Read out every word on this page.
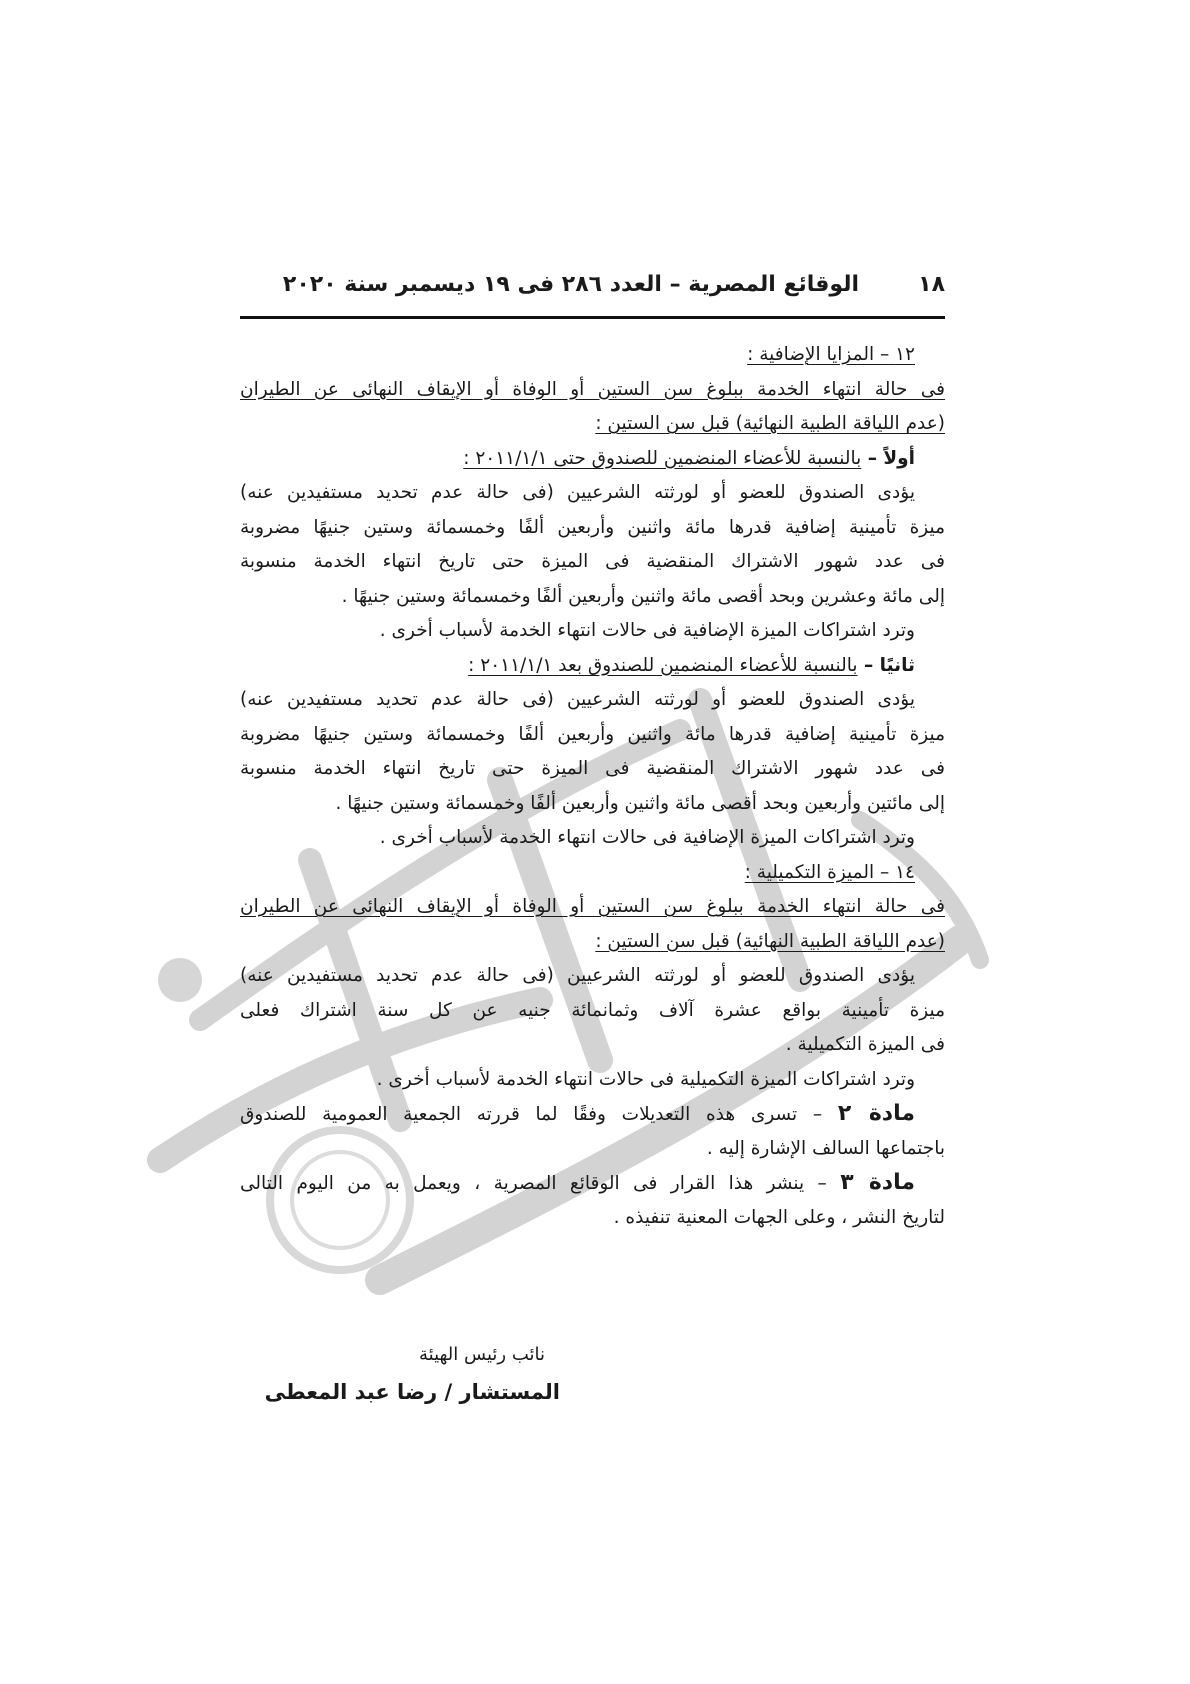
١٨
الوقائع المصرية – العدد ٢٨٦ فى ١٩ ديسمبر سنة ٢٠٢٠
١٢ – المزايا الإضافية :
فى حالة انتهاء الخدمة ببلوغ سن الستين أو الوفاة أو الإيقاف النهائى عن الطيران
(عدم اللياقة الطبية النهائية) قبل سن الستين :
أولاً – بالنسبة للأعضاء المنضمين للصندوق حتى ٢٠١١/١/١ :
يؤدى الصندوق للعضو أو لورثته الشرعيين (فى حالة عدم تحديد مستفيدين عنه)
ميزة تأمينية إضافية قدرها مائة واثنين وأربعين ألفًا وخمسمائة وستين جنيهًا مضروبة
فى عدد شهور الاشتراك المنقضية فى الميزة حتى تاريخ انتهاء الخدمة منسوبة
إلى مائة وعشرين وبحد أقصى مائة واثنين وأربعين ألفًا وخمسمائة وستين جنيهًا .
وترد اشتراكات الميزة الإضافية فى حالات انتهاء الخدمة لأسباب أخرى .
ثانيًا – بالنسبة للأعضاء المنضمين للصندوق بعد ٢٠١١/١/١ :
يؤدى الصندوق للعضو أو لورثته الشرعيين (فى حالة عدم تحديد مستفيدين عنه)
ميزة تأمينية إضافية قدرها مائة واثنين وأربعين ألفًا وخمسمائة وستين جنيهًا مضروبة
فى عدد شهور الاشتراك المنقضية فى الميزة حتى تاريخ انتهاء الخدمة منسوبة
إلى مائتين وأربعين وبحد أقصى مائة واثنين وأربعين ألفًا وخمسمائة وستين جنيهًا .
وترد اشتراكات الميزة الإضافية فى حالات انتهاء الخدمة لأسباب أخرى .
١٤ – الميزة التكميلية :
فى حالة انتهاء الخدمة ببلوغ سن الستين أو الوفاة أو الإيقاف النهائى عن الطيران
(عدم اللياقة الطبية النهائية) قبل سن الستين :
يؤدى الصندوق للعضو أو لورثته الشرعيين (فى حالة عدم تحديد مستفيدين عنه)
ميزة تأمينية بواقع عشرة آلاف وثمانمائة جنيه عن كل سنة اشتراك فعلى
فى الميزة التكميلية .
وترد اشتراكات الميزة التكميلية فى حالات انتهاء الخدمة لأسباب أخرى .
مادة ٢ – تسرى هذه التعديلات وفقًا لما قررته الجمعية العمومية للصندوق
باجتماعها السالف الإشارة إليه .
مادة ٣ – ينشر هذا القرار فى الوقائع المصرية ، ويعمل به من اليوم التالى
لتاريخ النشر ، وعلى الجهات المعنية تنفيذه .
نائب رئيس الهيئة
المستشار / رضا عبد المعطى
